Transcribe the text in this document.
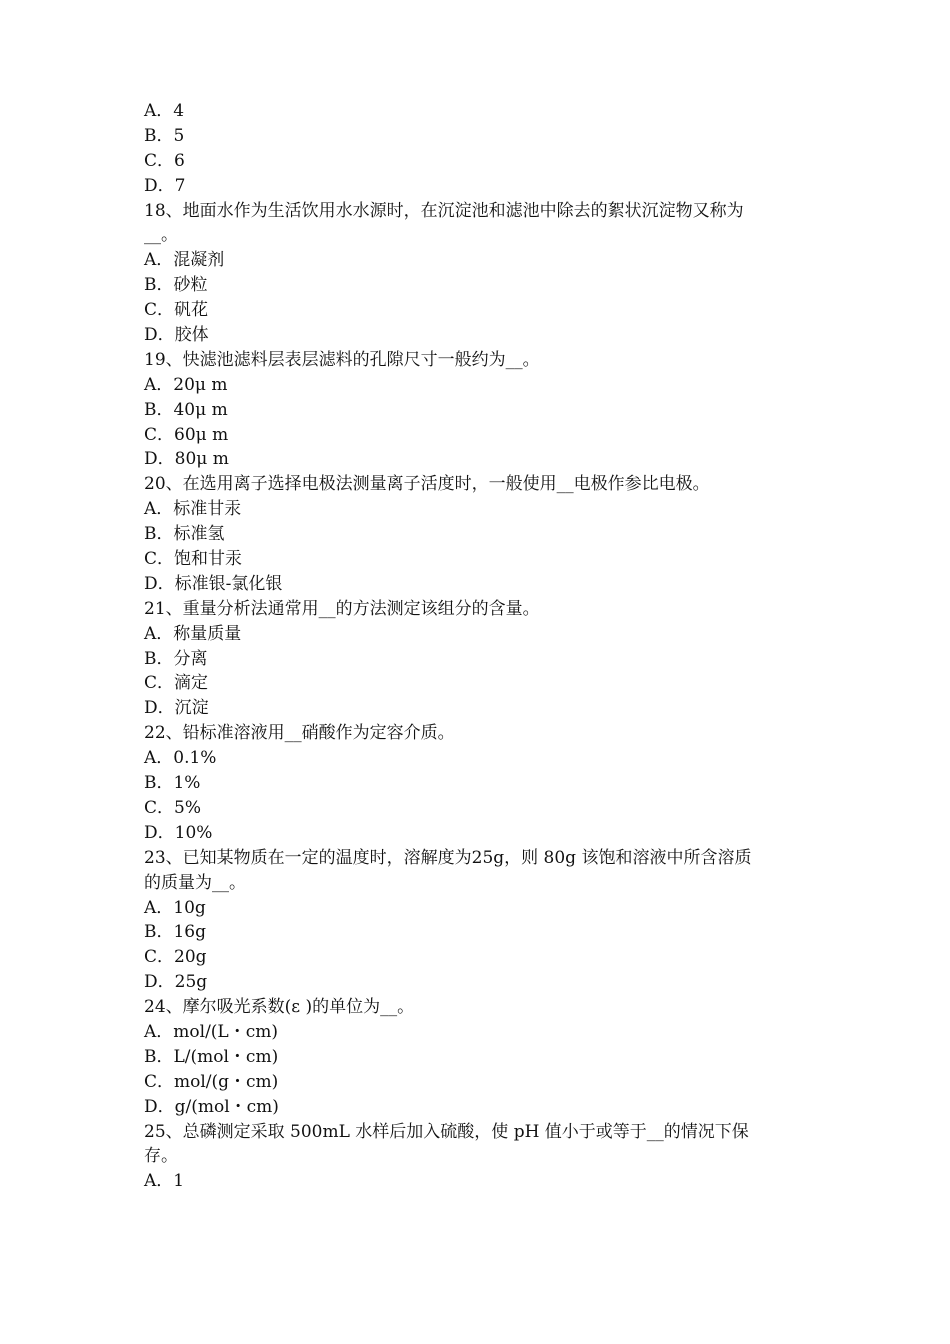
A．4
B．5
C．6
D．7
18、地面水作为生活饮用水水源时，在沉淀池和滤池中除去的絮状沉淀物又称为
__。
A．混凝剂
B．砂粒
C．矾花
D．胶体
19、快滤池滤料层表层滤料的孔隙尺寸一般约为__。
A．20μ m
B．40μ m
C．60μ m
D．80μ m
20、在选用离子选择电极法测量离子活度时，一般使用__电极作参比电极。
A．标准甘汞
B．标准氢
C．饱和甘汞
D．标准银-氯化银
21、重量分析法通常用__的方法测定该组分的含量。
A．称量质量
B．分离
C．滴定
D．沉淀
22、铅标准溶液用__硝酸作为定容介质。
A．0.1%
B．1%
C．5%
D．10%
23、已知某物质在一定的温度时，溶解度为25g，则 80g 该饱和溶液中所含溶质
的质量为__。
A．10g
B．16g
C．20g
D．25g
24、摩尔吸光系数(ε )的单位为__。
A．mol/(L・cm)
B．L/(mol・cm)
C．mol/(g・cm)
D．g/(mol・cm)
25、总磷测定采取 500mL 水样后加入硫酸，使 pH 值小于或等于__的情况下保
存。
A．1
